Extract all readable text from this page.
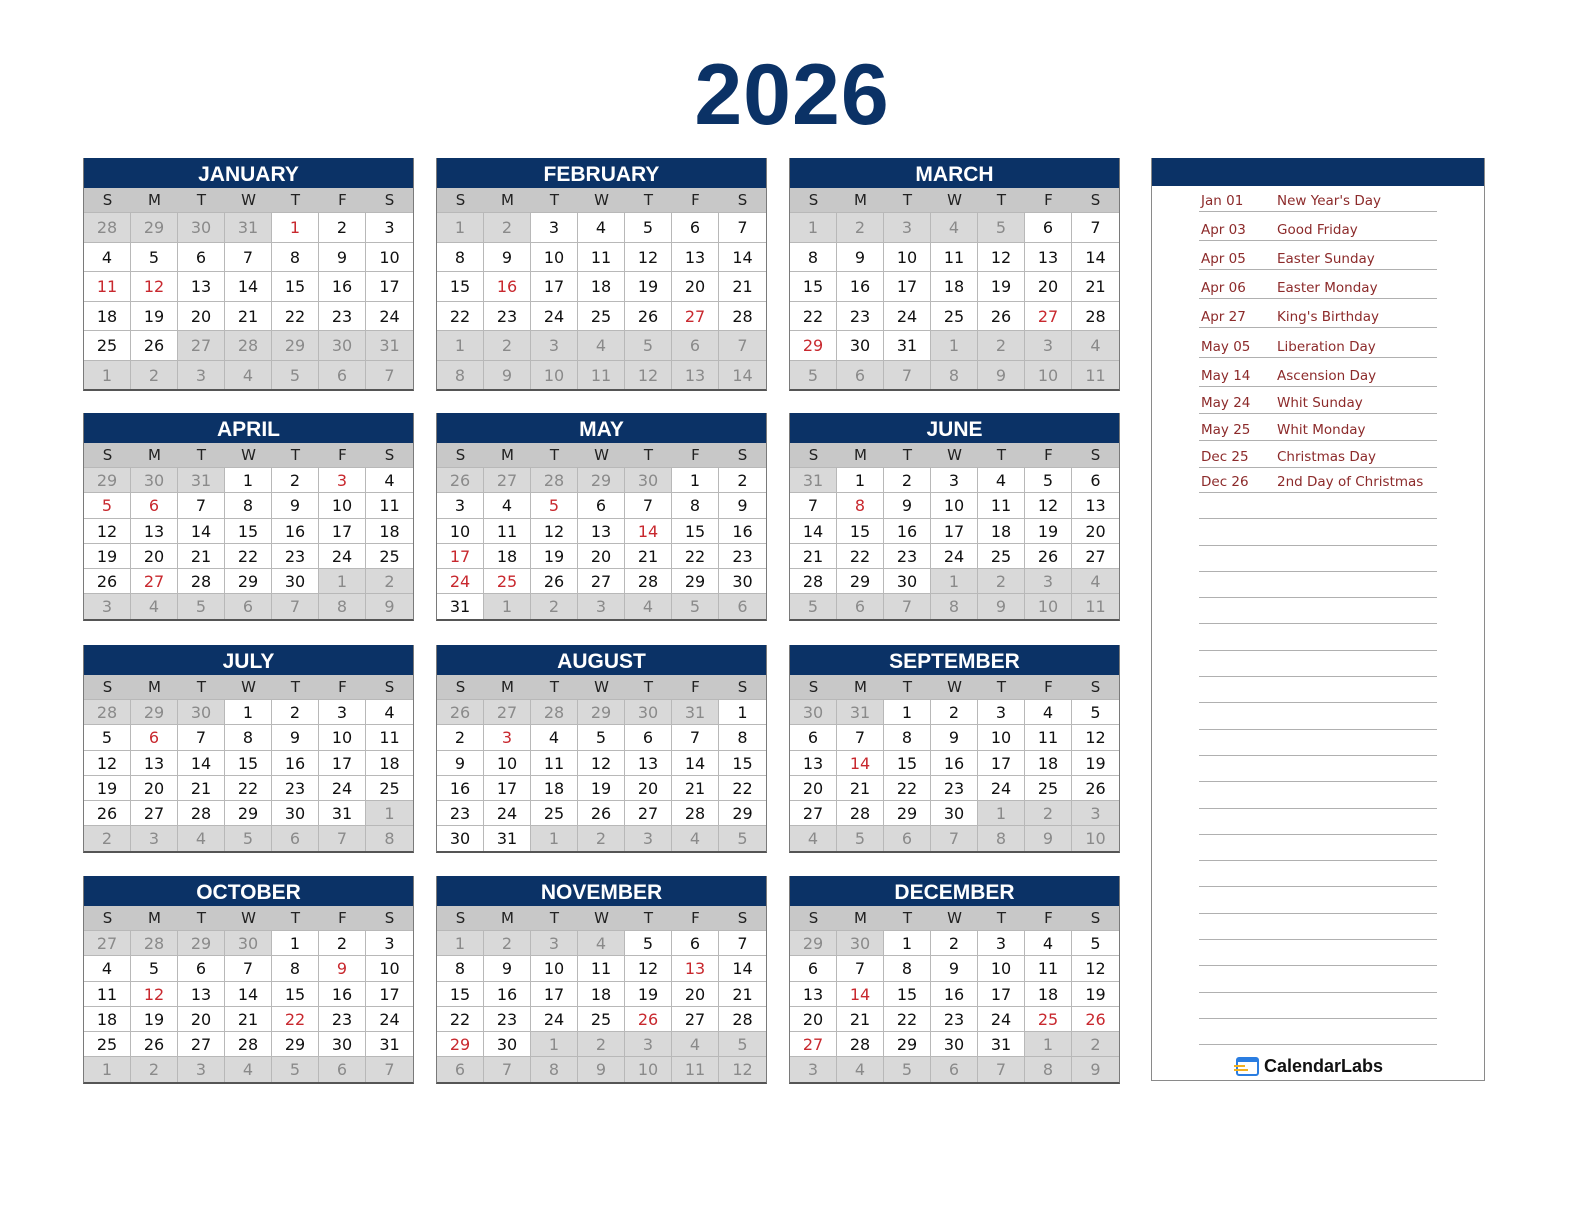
2026
JANUARY
S	M	T	W	T	F	S
28	29	30	31	1	2	3
4	5	6	7	8	9	10
11	12	13	14	15	16	17
18	19	20	21	22	23	24
25	26	27	28	29	30	31
1	2	3	4	5	6	7
FEBRUARY
S	M	T	W	T	F	S
1	2	3	4	5	6	7
8	9	10	11	12	13	14
15	16	17	18	19	20	21
22	23	24	25	26	27	28
1	2	3	4	5	6	7
8	9	10	11	12	13	14
MARCH
S	M	T	W	T	F	S
1	2	3	4	5	6	7
8	9	10	11	12	13	14
15	16	17	18	19	20	21
22	23	24	25	26	27	28
29	30	31	1	2	3	4
5	6	7	8	9	10	11
APRIL
S	M	T	W	T	F	S
29	30	31	1	2	3	4
5	6	7	8	9	10	11
12	13	14	15	16	17	18
19	20	21	22	23	24	25
26	27	28	29	30	1	2
3	4	5	6	7	8	9
MAY
S	M	T	W	T	F	S
26	27	28	29	30	1	2
3	4	5	6	7	8	9
10	11	12	13	14	15	16
17	18	19	20	21	22	23
24	25	26	27	28	29	30
31	1	2	3	4	5	6
JUNE
S	M	T	W	T	F	S
31	1	2	3	4	5	6
7	8	9	10	11	12	13
14	15	16	17	18	19	20
21	22	23	24	25	26	27
28	29	30	1	2	3	4
5	6	7	8	9	10	11
JULY
S	M	T	W	T	F	S
28	29	30	1	2	3	4
5	6	7	8	9	10	11
12	13	14	15	16	17	18
19	20	21	22	23	24	25
26	27	28	29	30	31	1
2	3	4	5	6	7	8
AUGUST
S	M	T	W	T	F	S
26	27	28	29	30	31	1
2	3	4	5	6	7	8
9	10	11	12	13	14	15
16	17	18	19	20	21	22
23	24	25	26	27	28	29
30	31	1	2	3	4	5
SEPTEMBER
S	M	T	W	T	F	S
30	31	1	2	3	4	5
6	7	8	9	10	11	12
13	14	15	16	17	18	19
20	21	22	23	24	25	26
27	28	29	30	1	2	3
4	5	6	7	8	9	10
OCTOBER
S	M	T	W	T	F	S
27	28	29	30	1	2	3
4	5	6	7	8	9	10
11	12	13	14	15	16	17
18	19	20	21	22	23	24
25	26	27	28	29	30	31
1	2	3	4	5	6	7
NOVEMBER
S	M	T	W	T	F	S
1	2	3	4	5	6	7
8	9	10	11	12	13	14
15	16	17	18	19	20	21
22	23	24	25	26	27	28
29	30	1	2	3	4	5
6	7	8	9	10	11	12
DECEMBER
S	M	T	W	T	F	S
29	30	1	2	3	4	5
6	7	8	9	10	11	12
13	14	15	16	17	18	19
20	21	22	23	24	25	26
27	28	29	30	31	1	2
3	4	5	6	7	8	9
Jan 01	New Year's Day
Apr 03	Good Friday
Apr 05	Easter Sunday
Apr 06	Easter Monday
Apr 27	King's Birthday
May 05	Liberation Day
May 14	Ascension Day
May 24	Whit Sunday
May 25	Whit Monday
Dec 25	Christmas Day
Dec 26	2nd Day of Christmas
CalendarLabs
